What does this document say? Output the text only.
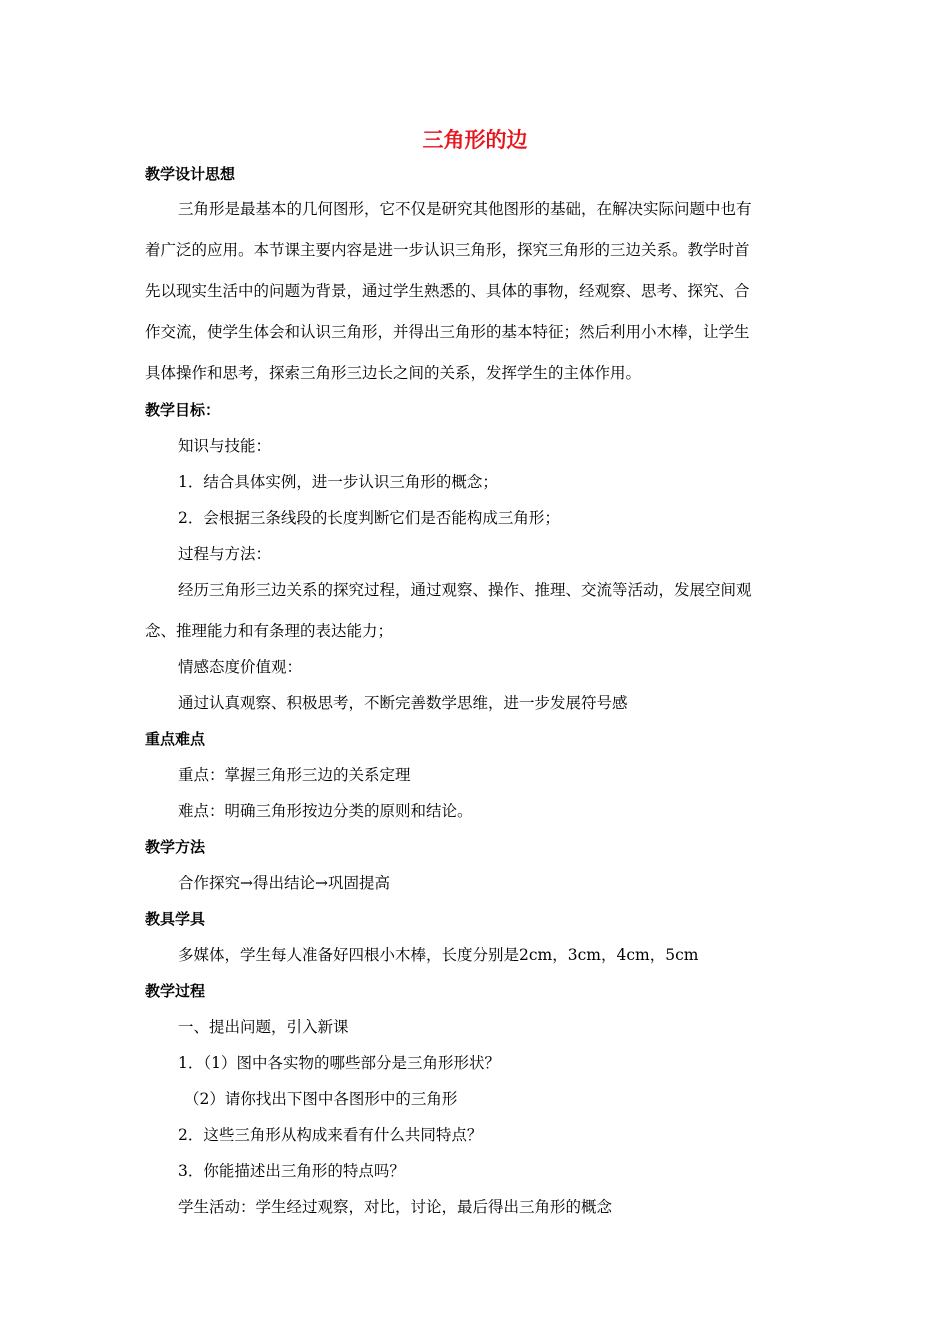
三角形的边
教学设计思想
三角形是最基本的几何图形，它不仅是研究其他图形的基础，在解决实际问题中也有
着广泛的应用。本节课主要内容是进一步认识三角形，探究三角形的三边关系。教学时首
先以现实生活中的问题为背景，通过学生熟悉的、具体的事物，经观察、思考、探究、合
作交流，使学生体会和认识三角形，并得出三角形的基本特征；然后利用小木棒，让学生
具体操作和思考，探索三角形三边长之间的关系，发挥学生的主体作用。
教学目标：
知识与技能：
1．结合具体实例，进一步认识三角形的概念；
2．会根据三条线段的长度判断它们是否能构成三角形；
过程与方法：
经历三角形三边关系的探究过程，通过观察、操作、推理、交流等活动，发展空间观
念、推理能力和有条理的表达能力；
情感态度价值观：
通过认真观察、积极思考，不断完善数学思维，进一步发展符号感
重点难点
重点：掌握三角形三边的关系定理
难点：明确三角形按边分类的原则和结论。
教学方法
合作探究→得出结论→巩固提高
教具学具
多媒体，学生每人准备好四根小木棒，长度分别是2cm，3cm，4cm，5cm
教学过程
一、提出问题，引入新课
1．（1）图中各实物的哪些部分是三角形形状？
（2）请你找出下图中各图形中的三角形
2．这些三角形从构成来看有什么共同特点？
3．你能描述出三角形的特点吗？
学生活动：学生经过观察，对比，讨论，最后得出三角形的概念
